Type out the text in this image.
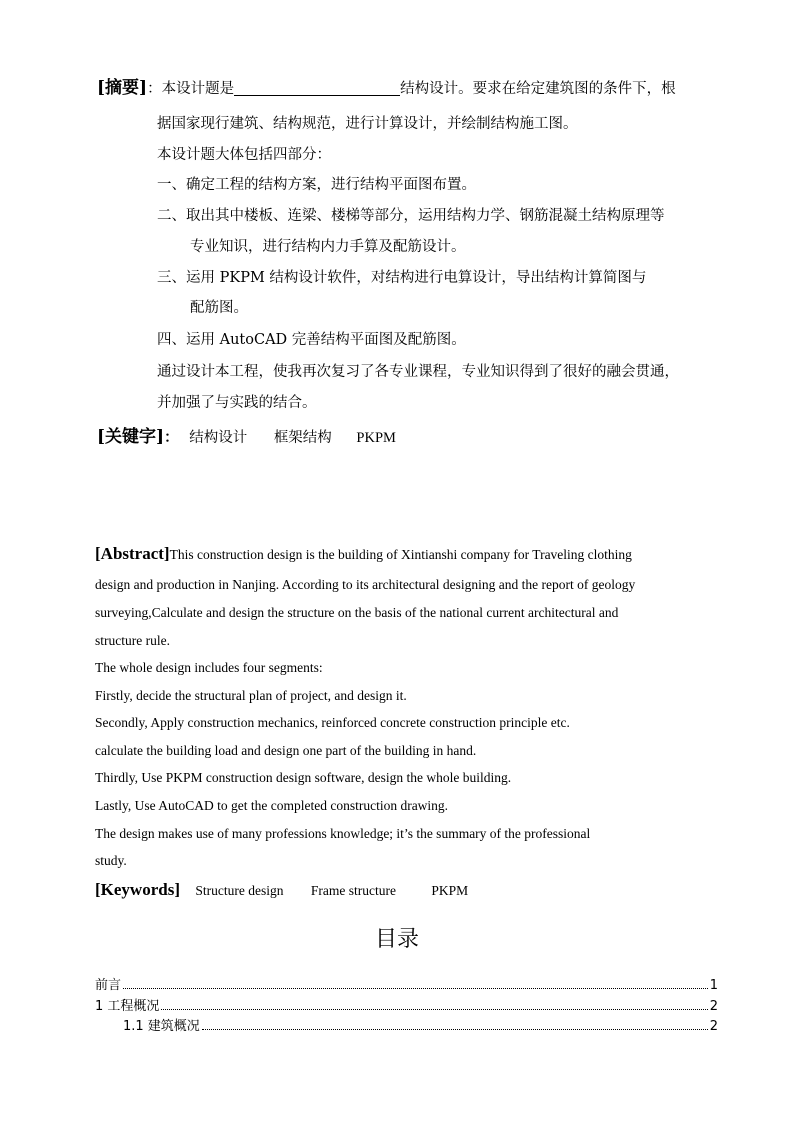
[摘要]：本设计题是	结构设计。要求在给定建筑图的条件下，根
据国家现行建筑、结构规范，进行计算设计，并绘制结构施工图。
本设计题大体包括四部分：
一、确定工程的结构方案，进行结构平面图布置。
二、取出其中楼板、连梁、楼梯等部分，运用结构力学、钢筋混凝土结构原理等
专业知识，进行结构内力手算及配筋设计。
三、运用 PKPM 结构设计软件，对结构进行电算设计，导出结构计算简图与
配筋图。
四、运用 AutoCAD 完善结构平面图及配筋图。
通过设计本工程，使我再次复习了各专业课程，专业知识得到了很好的融会贯通，
并加强了与实践的结合。
[关键字]： 结构设计 框架结构 PKPM
[Abstract]This construction design is the building of Xintianshi company for Traveling clothing
design and production in Nanjing. According to its architectural designing and the report of geology
surveying,Calculate and design the structure on the basis of the national current architectural and
structure rule.
The whole design includes four segments:
Firstly, decide the structural plan of project, and design it.
Secondly, Apply construction mechanics, reinforced concrete construction principle etc.
calculate the building load and design one part of the building in hand.
Thirdly, Use PKPM construction design software, design the whole building.
Lastly, Use AutoCAD to get the completed construction drawing.
The design makes use of many professions knowledge; it’s the summary of the professional
study.
[Keywords] Structure design Frame structure	PKPM
目录
前言	1
1 工程概况	2
1.1 建筑概况	2
